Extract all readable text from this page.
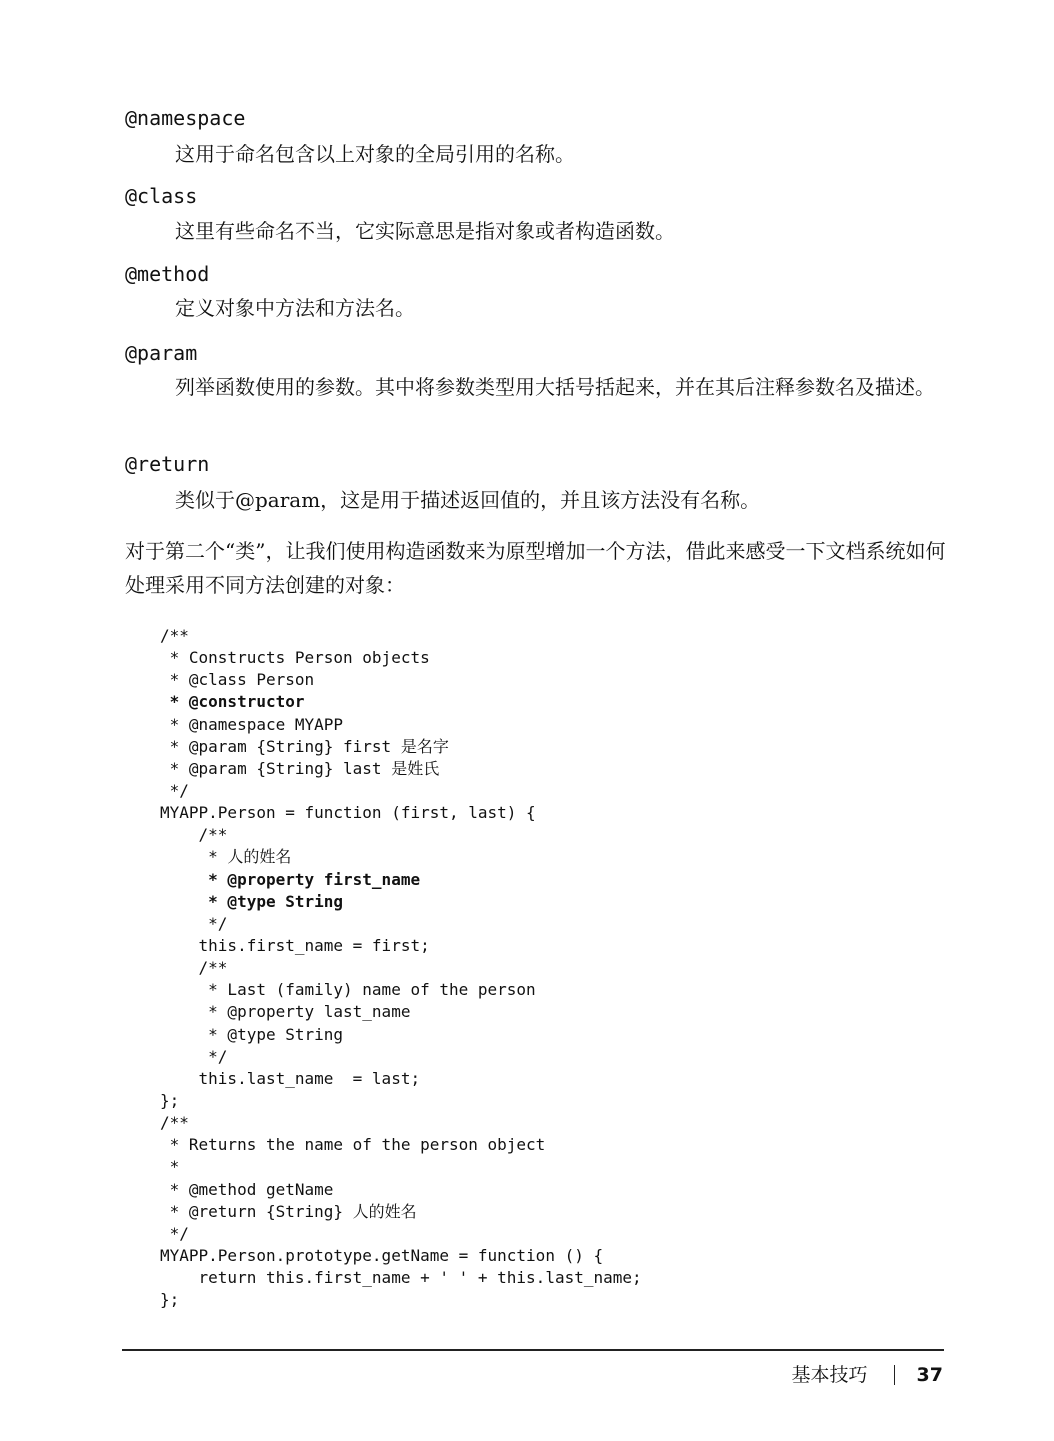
@namespace
这用于命名包含以上对象的全局引用的名称。
@class
这里有些命名不当，它实际意思是指对象或者构造函数。
@method
定义对象中方法和方法名。
@param
列举函数使用的参数。其中将参数类型用大括号括起来，并在其后注释参数名及描述。
@return
类似于@param，这是用于描述返回值的，并且该方法没有名称。
对于第二个“类”，让我们使用构造函数来为原型增加一个方法，借此来感受一下文档系统如何处理采用不同方法创建的对象：
/**
* Constructs Person objects
* @class Person
* @constructor
* @namespace MYAPP
* @param {String} first 是名字
* @param {String} last 是姓氏
*/
MYAPP.Person = function (first, last) {
/**
* 人的姓名
* @property first_name
* @type String
*/
this.first_name = first;
/**
* Last (family) name of the person
* @property last_name
* @type String
*/
this.last_name  = last;
};
/**
* Returns the name of the person object
*
* @method getName
* @return {String} 人的姓名
*/
MYAPP.Person.prototype.getName = function () {
return this.first_name + ' ' + this.last_name;
};
基本技巧	37
